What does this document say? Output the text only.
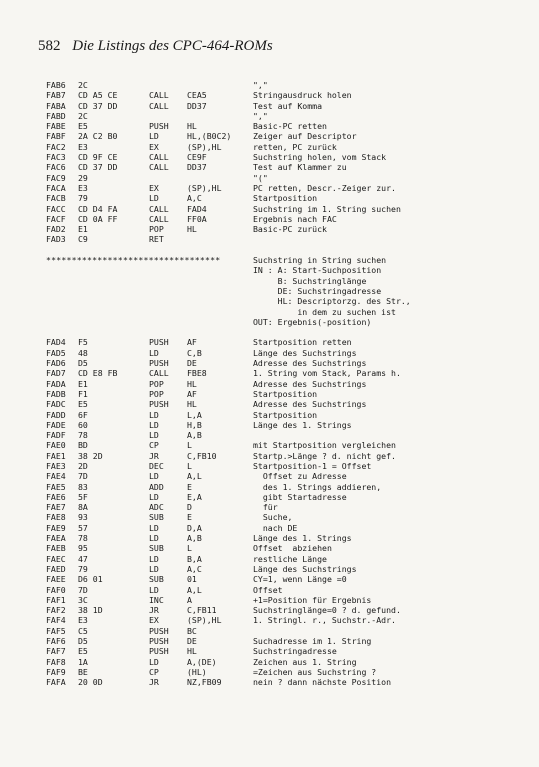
582 Die Listings des CPC-464-ROMs
FAB6 2C	","
FAB7 CD A5 CE	CALL CEA5	Stringausdruck holen
FABA CD 37 DD	CALL DD37	Test auf Komma
FABD 2C	","
FABE E5	PUSH HL	Basic-PC retten
FABF 2A C2 B0	LD	HL,(B0C2)	Zeiger auf Descriptor
FAC2 E3	EX	(SP),HL	retten, PC zurück
FAC3 CD 9F CE	CALL CE9F	Suchstring holen, vom Stack
FAC6 CD 37 DD	CALL DD37	Test auf Klammer zu
FAC9 29	"("
FACA E3	EX	(SP),HL	PC retten, Descr.-Zeiger zur.
FACB 79	LD	A,C	Startposition
FACC CD D4 FA	CALL FAD4	Suchstring im 1. String suchen
FACF CD 0A FF	CALL FF0A	Ergebnis nach FAC
FAD2 E1	POP	HL	Basic-PC zurück
FAD3 C9	RET
**********************************	Suchstring in String suchen
IN : A: Start-Suchposition
B: Suchstringlänge
DE: Suchstringadresse
HL: Descriptorzg. des Str.,
in dem zu suchen ist
OUT: Ergebnis(-position)
FAD4 F5	PUSH AF	Startposition retten
FAD5 48	LD	C,B	Länge des Suchstrings
FAD6 D5	PUSH DE	Adresse des Suchstrings
FAD7 CD E8 FB	CALL FBE8	1. String vom Stack, Params h.
FADA E1	POP	HL	Adresse des Suchstrings
FADB F1	POP	AF	Startposition
FADC E5	PUSH HL	Adresse des Suchstrings
FADD 6F	LD	L,A	Startposition
FADE 60	LD	H,B	Länge des 1. Strings
FADF 78	LD	A,B
FAE0 BD	CP	L	mit Startposition vergleichen
FAE1 38 2D	JR	C,FB10	Startp.>Länge ? d. nicht gef.
FAE3 2D	DEC	L	Startposition-1 = Offset
FAE4 7D	LD	A,L	Offset zu Adresse
FAE5 83	ADD	E	des 1. Strings addieren,
FAE6 5F	LD	E,A	gibt Startadresse
FAE7 8A	ADC	D	für
FAE8 93	SUB	E	Suche,
FAE9 57	LD	D,A	nach DE
FAEA 78	LD	A,B	Länge des 1. Strings
FAEB 95	SUB	L	Offset  abziehen
FAEC 47	LD	B,A	restliche Länge
FAED 79	LD	A,C	Länge des Suchstrings
FAEE D6 01	SUB	01	CY=1, wenn Länge =0
FAF0 7D	LD	A,L	Offset
FAF1 3C	INC	A	+1=Position für Ergebnis
FAF2 38 1D	JR	C,FB11	Suchstringlänge=0 ? d. gefund.
FAF4 E3	EX	(SP),HL	1. Stringl. r., Suchstr.-Adr.
FAF5 C5	PUSH BC
FAF6 D5	PUSH DE	Suchadresse im 1. String
FAF7 E5	PUSH HL	Suchstringadresse
FAF8 1A	LD	A,(DE)	Zeichen aus 1. String
FAF9 BE	CP	(HL)	=Zeichen aus Suchstring ?
FAFA 20 0D	JR	NZ,FB09	nein ? dann nächste Position
